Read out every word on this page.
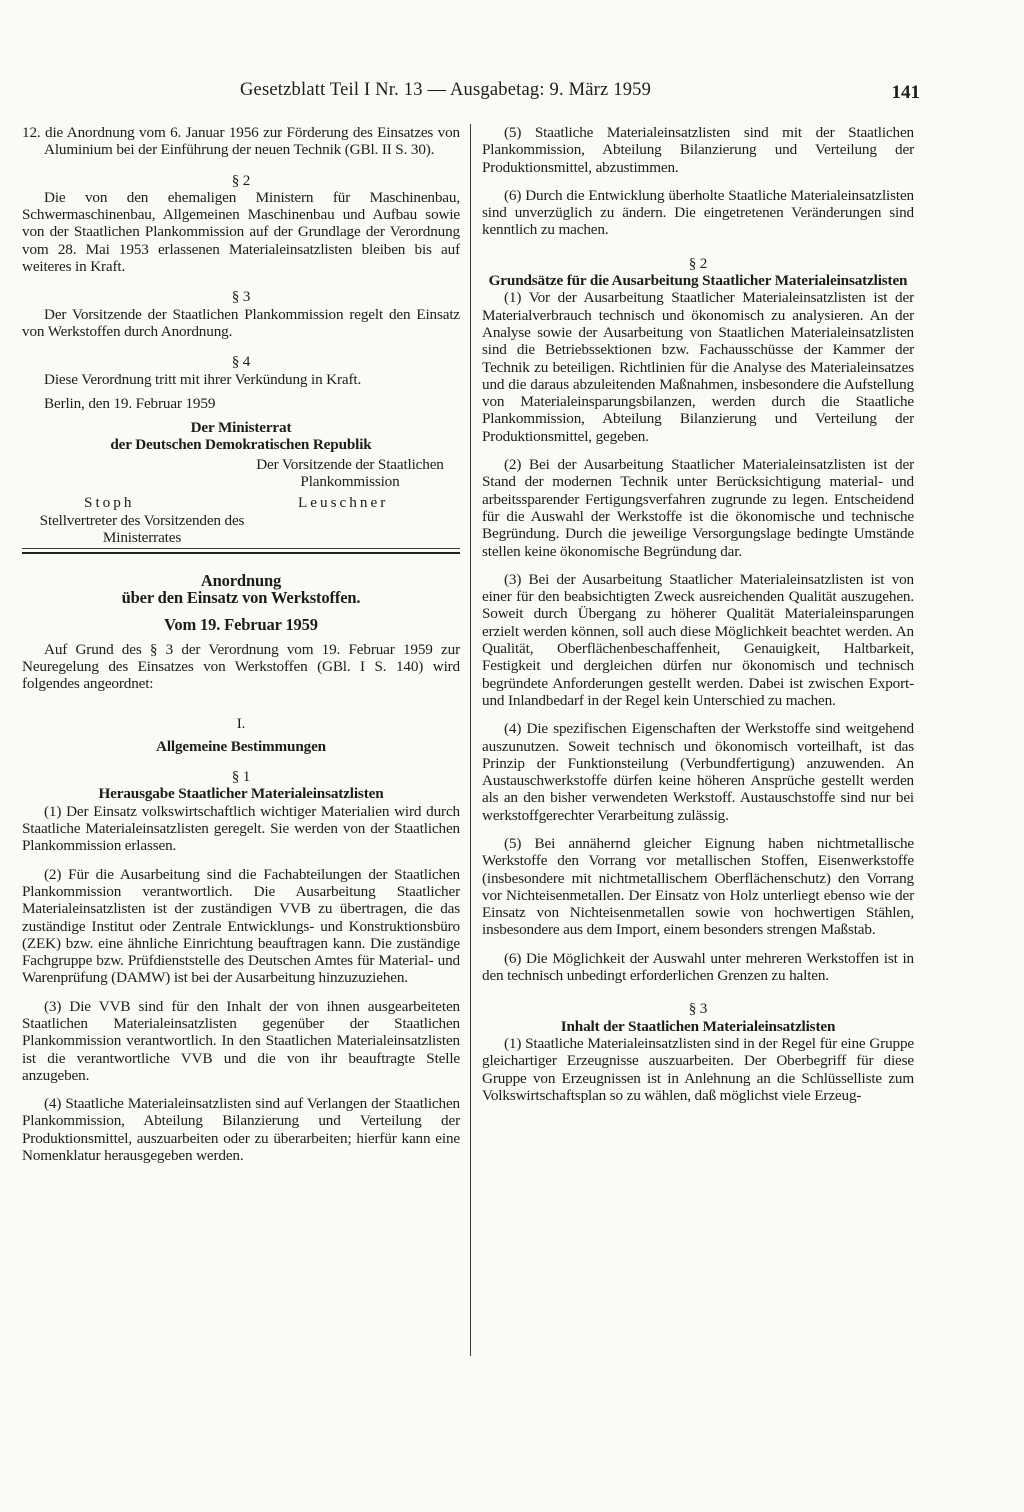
Gesetzblatt Teil I Nr. 13 — Ausgabetag: 9. März 1959	141

12. die Anordnung vom 6. Januar 1956 zur Förderung des Einsatzes von Aluminium bei der Einführung der neuen Technik (GBl. II S. 30).

§ 2

Die von den ehemaligen Ministern für Maschinenbau, Schwermaschinenbau, Allgemeinen Maschinenbau und Aufbau sowie von der Staatlichen Plankommission auf der Grundlage der Verordnung vom 28. Mai 1953 erlassenen Materialeinsatzlisten bleiben bis auf weiteres in Kraft.

§ 3

Der Vorsitzende der Staatlichen Plankommission regelt den Einsatz von Werkstoffen durch Anordnung.

§ 4

Diese Verordnung tritt mit ihrer Verkündung in Kraft.

Berlin, den 19. Februar 1959

Der Ministerrat

der Deutschen Demokratischen Republik

Der Vorsitzende der Staatlichen Plankommission
Leuschner
Stoph
Stellvertreter des Vorsitzenden des Ministerrates

Anordnung

über den Einsatz von Werkstoffen.

Vom 19. Februar 1959

Auf Grund des § 3 der Verordnung vom 19. Februar 1959 zur Neuregelung des Einsatzes von Werkstoffen (GBl. I S. 140) wird folgendes angeordnet:

I.

Allgemeine Bestimmungen

§ 1

Herausgabe Staatlicher Materialeinsatzlisten

(1) Der Einsatz volkswirtschaftlich wichtiger Materialien wird durch Staatliche Materialeinsatzlisten geregelt. Sie werden von der Staatlichen Plankommission erlassen.

(2) Für die Ausarbeitung sind die Fachabteilungen der Staatlichen Plankommission verantwortlich. Die Ausarbeitung Staatlicher Materialeinsatzlisten ist der zuständigen VVB zu übertragen, die das zuständige Institut oder Zentrale Entwicklungs- und Konstruktionsbüro (ZEK) bzw. eine ähnliche Einrichtung beauftragen kann. Die zuständige Fachgruppe bzw. Prüfdienststelle des Deutschen Amtes für Material- und Warenprüfung (DAMW) ist bei der Ausarbeitung hinzuzuziehen.

(3) Die VVB sind für den Inhalt der von ihnen ausgearbeiteten Staatlichen Materialeinsatzlisten gegenüber der Staatlichen Plankommission verantwortlich. In den Staatlichen Materialeinsatzlisten ist die verantwortliche VVB und die von ihr beauftragte Stelle anzugeben.

(4) Staatliche Materialeinsatzlisten sind auf Verlangen der Staatlichen Plankommission, Abteilung Bilanzierung und Verteilung der Produktionsmittel, auszuarbeiten oder zu überarbeiten; hierfür kann eine Nomenklatur herausgegeben werden.

(5) Staatliche Materialeinsatzlisten sind mit der Staatlichen Plankommission, Abteilung Bilanzierung und Verteilung der Produktionsmittel, abzustimmen.

(6) Durch die Entwicklung überholte Staatliche Materialeinsatzlisten sind unverzüglich zu ändern. Die eingetretenen Veränderungen sind kenntlich zu machen.

§ 2

Grundsätze für die Ausarbeitung Staatlicher Materialeinsatzlisten

(1) Vor der Ausarbeitung Staatlicher Materialeinsatzlisten ist der Materialverbrauch technisch und ökonomisch zu analysieren. An der Analyse sowie der Ausarbeitung von Staatlichen Materialeinsatzlisten sind die Betriebssektionen bzw. Fachausschüsse der Kammer der Technik zu beteiligen. Richtlinien für die Analyse des Materialeinsatzes und die daraus abzuleitenden Maßnahmen, insbesondere die Aufstellung von Materialeinsparungsbilanzen, werden durch die Staatliche Plankommission, Abteilung Bilanzierung und Verteilung der Produktionsmittel, gegeben.

(2) Bei der Ausarbeitung Staatlicher Materialeinsatzlisten ist der Stand der modernen Technik unter Berücksichtigung material- und arbeitssparender Fertigungsverfahren zugrunde zu legen. Entscheidend für die Auswahl der Werkstoffe ist die ökonomische und technische Begründung. Durch die jeweilige Versorgungslage bedingte Umstände stellen keine ökonomische Begründung dar.

(3) Bei der Ausarbeitung Staatlicher Materialeinsatzlisten ist von einer für den beabsichtigten Zweck ausreichenden Qualität auszugehen. Soweit durch Übergang zu höherer Qualität Materialeinsparungen erzielt werden können, soll auch diese Möglichkeit beachtet werden. An Qualität, Oberflächenbeschaffenheit, Genauigkeit, Haltbarkeit, Festigkeit und dergleichen dürfen nur ökonomisch und technisch begründete Anforderungen gestellt werden. Dabei ist zwischen Export- und Inlandbedarf in der Regel kein Unterschied zu machen.

(4) Die spezifischen Eigenschaften der Werkstoffe sind weitgehend auszunutzen. Soweit technisch und ökonomisch vorteilhaft, ist das Prinzip der Funktionsteilung (Verbundfertigung) anzuwenden. An Austauschwerkstoffe dürfen keine höheren Ansprüche gestellt werden als an den bisher verwendeten Werkstoff. Austauschstoffe sind nur bei werkstoffgerechter Verarbeitung zulässig.

(5) Bei annähernd gleicher Eignung haben nichtmetallische Werkstoffe den Vorrang vor metallischen Stoffen, Eisenwerkstoffe (insbesondere mit nichtmetallischem Oberflächenschutz) den Vorrang vor Nichteisenmetallen. Der Einsatz von Holz unterliegt ebenso wie der Einsatz von Nichteisenmetallen sowie von hochwertigen Stählen, insbesondere aus dem Import, einem besonders strengen Maßstab.

(6) Die Möglichkeit der Auswahl unter mehreren Werkstoffen ist in den technisch unbedingt erforderlichen Grenzen zu halten.

§ 3

Inhalt der Staatlichen Materialeinsatzlisten

(1) Staatliche Materialeinsatzlisten sind in der Regel für eine Gruppe gleichartiger Erzeugnisse auszuarbeiten. Der Oberbegriff für diese Gruppe von Erzeugnissen ist in Anlehnung an die Schlüsselliste zum Volkswirtschaftsplan so zu wählen, daß möglichst viele Erzeug-
